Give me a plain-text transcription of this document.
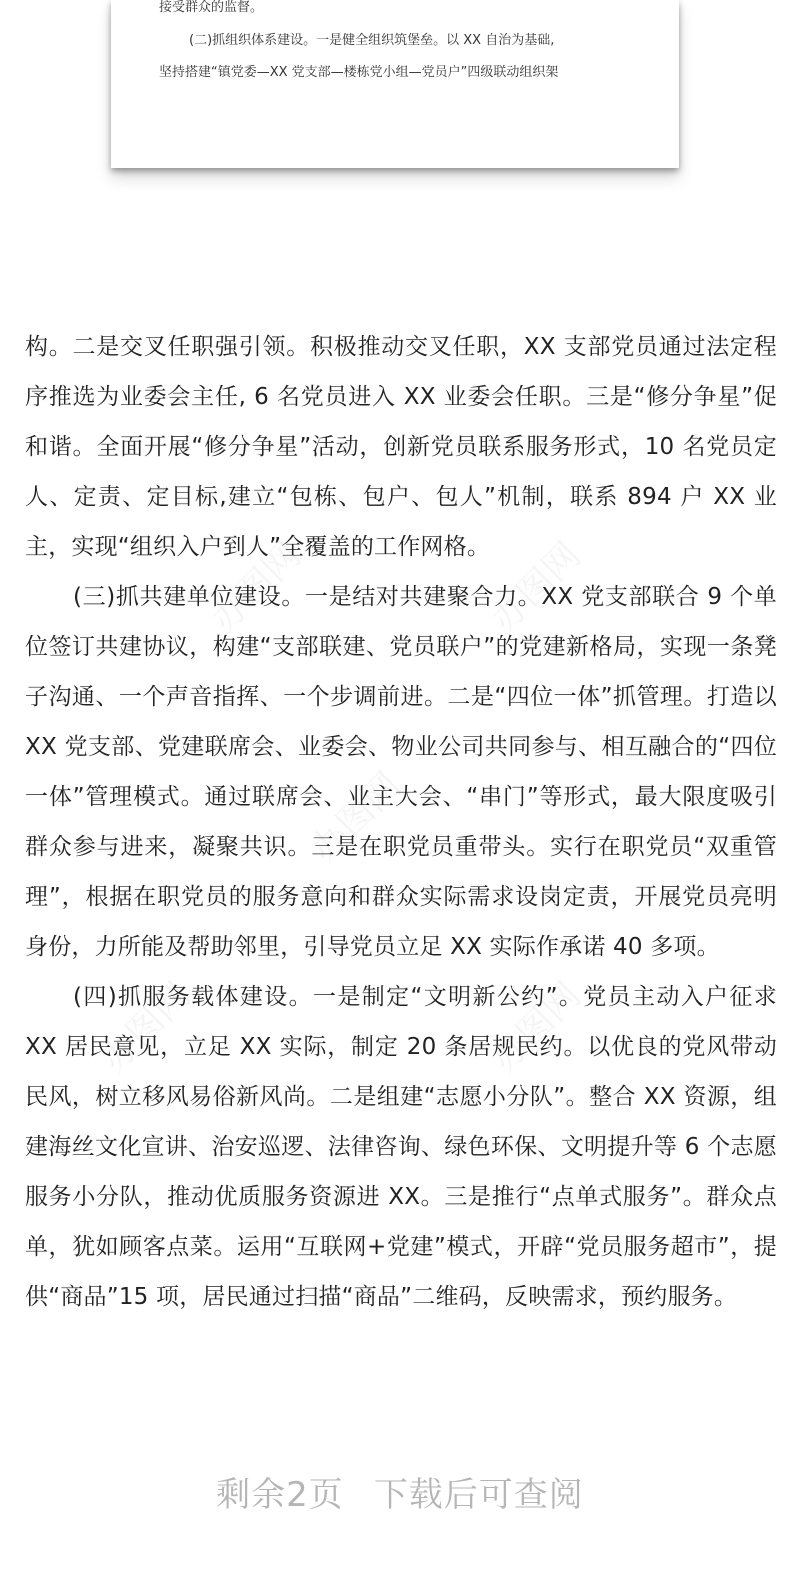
接受群众的监督。
(二)抓组织体系建设。一是健全组织筑堡垒。以 XX 自治为基础,
坚持搭建“镇党委—XX 党支部—楼栋党小组—党员户”四级联动组织架

构。二是交叉任职强引领。积极推动交叉任职，XX 支部党员通过法定程序推选为业委会主任, 6 名党员进入 XX 业委会任职。三是“修分争星”促和谐。全面开展“修分争星”活动，创新党员联系服务形式，10 名党员定人、定责、定目标,建立“包栋、包户、包人”机制，联系 894 户 XX 业主，实现“组织入户到人”全覆盖的工作网格。

(三)抓共建单位建设。一是结对共建聚合力。XX 党支部联合 9 个单位签订共建协议，构建“支部联建、党员联户”的党建新格局，实现一条凳子沟通、一个声音指挥、一个步调前进。二是“四位一体”抓管理。打造以 XX 党支部、党建联席会、业委会、物业公司共同参与、相互融合的“四位一体”管理模式。通过联席会、业主大会、“串门”等形式，最大限度吸引群众参与进来，凝聚共识。三是在职党员重带头。实行在职党员“双重管理”，根据在职党员的服务意向和群众实际需求设岗定责，开展党员亮明身份，力所能及帮助邻里，引导党员立足 XX 实际作承诺 40 多项。

(四)抓服务载体建设。一是制定“文明新公约”。党员主动入户征求 XX 居民意见，立足 XX 实际，制定 20 条居规民约。以优良的党风带动民风，树立移风易俗新风尚。二是组建“志愿小分队”。整合 XX 资源，组建海丝文化宣讲、治安巡逻、法律咨询、绿色环保、文明提升等 6 个志愿服务小分队，推动优质服务资源进 XX。三是推行“点单式服务”。群众点单，犹如顾客点菜。运用“互联网+党建”模式，开辟“党员服务超市”，提供“商品”15 项，居民通过扫描“商品”二维码，反映需求，预约服务。

剩余2页 下载后可查阅
